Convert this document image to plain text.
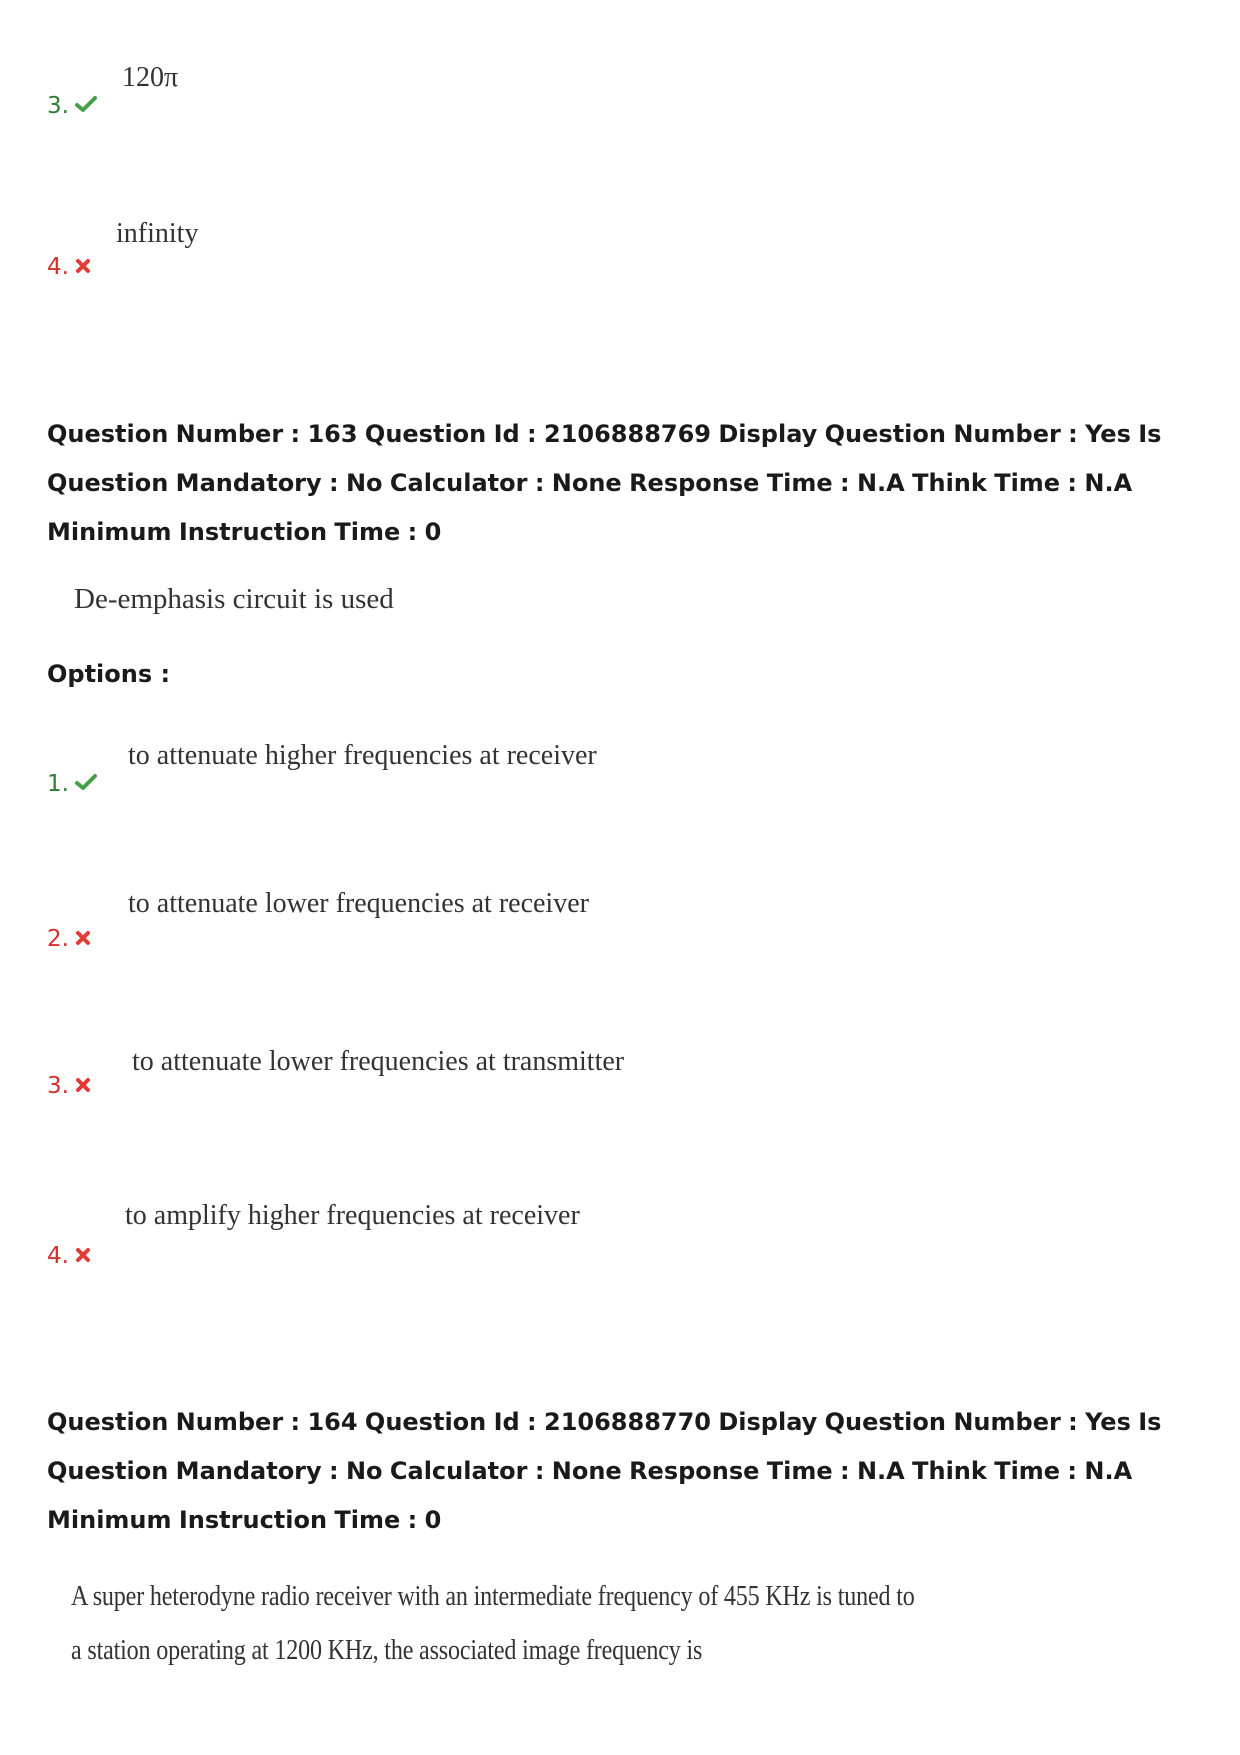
120π
3.
infinity
4.
Question Number : 163 Question Id : 2106888769 Display Question Number : Yes Is Question Mandatory : No Calculator : None Response Time : N.A Think Time : N.A Minimum Instruction Time : 0
De-emphasis circuit is used
Options :
to attenuate higher frequencies at receiver
1.
to attenuate lower frequencies at receiver
2.
to attenuate lower frequencies at transmitter
3.
to amplify higher frequencies at receiver
4.
Question Number : 164 Question Id : 2106888770 Display Question Number : Yes Is Question Mandatory : No Calculator : None Response Time : N.A Think Time : N.A Minimum Instruction Time : 0
A super heterodyne radio receiver with an intermediate frequency of 455 KHz is tuned to
a station operating at 1200 KHz, the associated image frequency is
